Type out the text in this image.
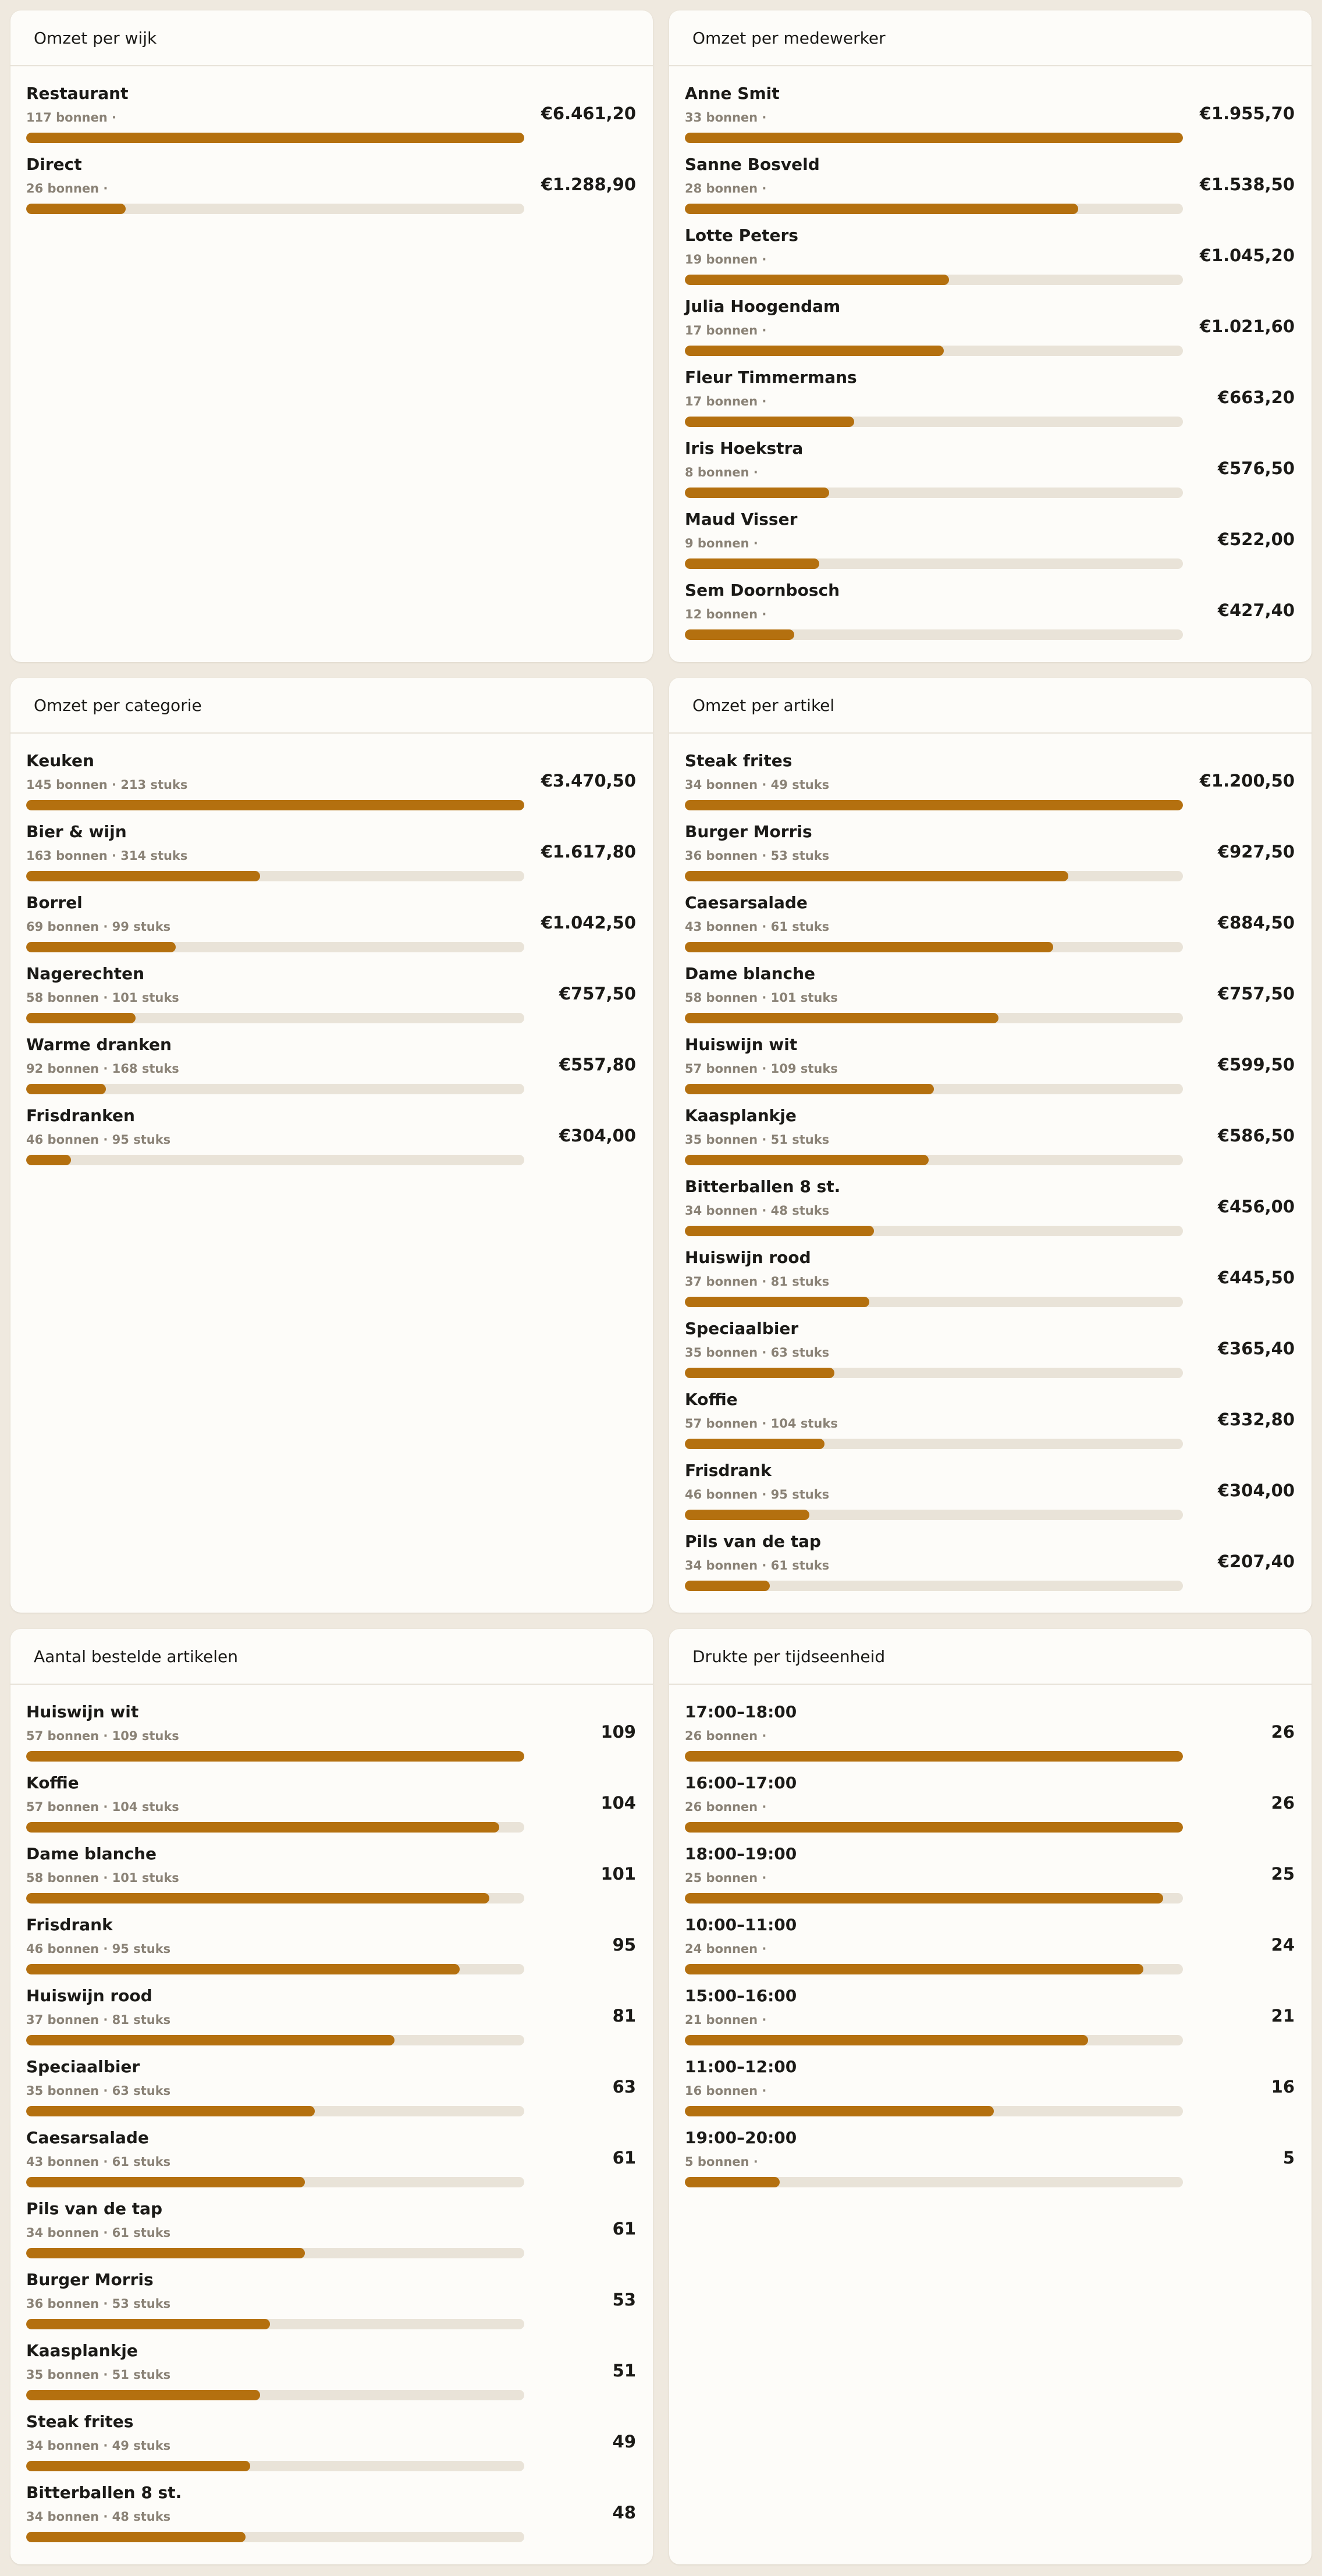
Omzet per wijk
Restaurant
117 bonnen ·	€6.461,20
Direct
26 bonnen ·	€1.288,90
Omzet per medewerker
Anne Smit
33 bonnen ·	€1.955,70
Sanne Bosveld
28 bonnen ·	€1.538,50
Lotte Peters
19 bonnen ·	€1.045,20
Julia Hoogendam
17 bonnen ·	€1.021,60
Fleur Timmermans
17 bonnen ·	€663,20
Iris Hoekstra
8 bonnen ·	€576,50
Maud Visser
9 bonnen ·	€522,00
Sem Doornbosch
12 bonnen ·	€427,40
Omzet per categorie
Keuken
145 bonnen · 213 stuks	€3.470,50
Bier & wijn
163 bonnen · 314 stuks	€1.617,80
Borrel
69 bonnen · 99 stuks	€1.042,50
Nagerechten
58 bonnen · 101 stuks	€757,50
Warme dranken
92 bonnen · 168 stuks	€557,80
Frisdranken
46 bonnen · 95 stuks	€304,00
Omzet per artikel
Steak frites
34 bonnen · 49 stuks	€1.200,50
Burger Morris
36 bonnen · 53 stuks	€927,50
Caesarsalade
43 bonnen · 61 stuks	€884,50
Dame blanche
58 bonnen · 101 stuks	€757,50
Huiswijn wit
57 bonnen · 109 stuks	€599,50
Kaasplankje
35 bonnen · 51 stuks	€586,50
Bitterballen 8 st.
34 bonnen · 48 stuks	€456,00
Huiswijn rood
37 bonnen · 81 stuks	€445,50
Speciaalbier
35 bonnen · 63 stuks	€365,40
Koffie
57 bonnen · 104 stuks	€332,80
Frisdrank
46 bonnen · 95 stuks	€304,00
Pils van de tap
34 bonnen · 61 stuks	€207,40
Aantal bestelde artikelen
Huiswijn wit
57 bonnen · 109 stuks	109
Koffie
57 bonnen · 104 stuks	104
Dame blanche
58 bonnen · 101 stuks	101
Frisdrank
46 bonnen · 95 stuks	95
Huiswijn rood
37 bonnen · 81 stuks	81
Speciaalbier
35 bonnen · 63 stuks	63
Caesarsalade
43 bonnen · 61 stuks	61
Pils van de tap
34 bonnen · 61 stuks	61
Burger Morris
36 bonnen · 53 stuks	53
Kaasplankje
35 bonnen · 51 stuks	51
Steak frites
34 bonnen · 49 stuks	49
Bitterballen 8 st.
34 bonnen · 48 stuks	48
Drukte per tijdseenheid
17:00–18:00
26 bonnen ·	26
16:00–17:00
26 bonnen ·	26
18:00–19:00
25 bonnen ·	25
10:00–11:00
24 bonnen ·	24
15:00–16:00
21 bonnen ·	21
11:00–12:00
16 bonnen ·	16
19:00–20:00
5 bonnen ·	5
